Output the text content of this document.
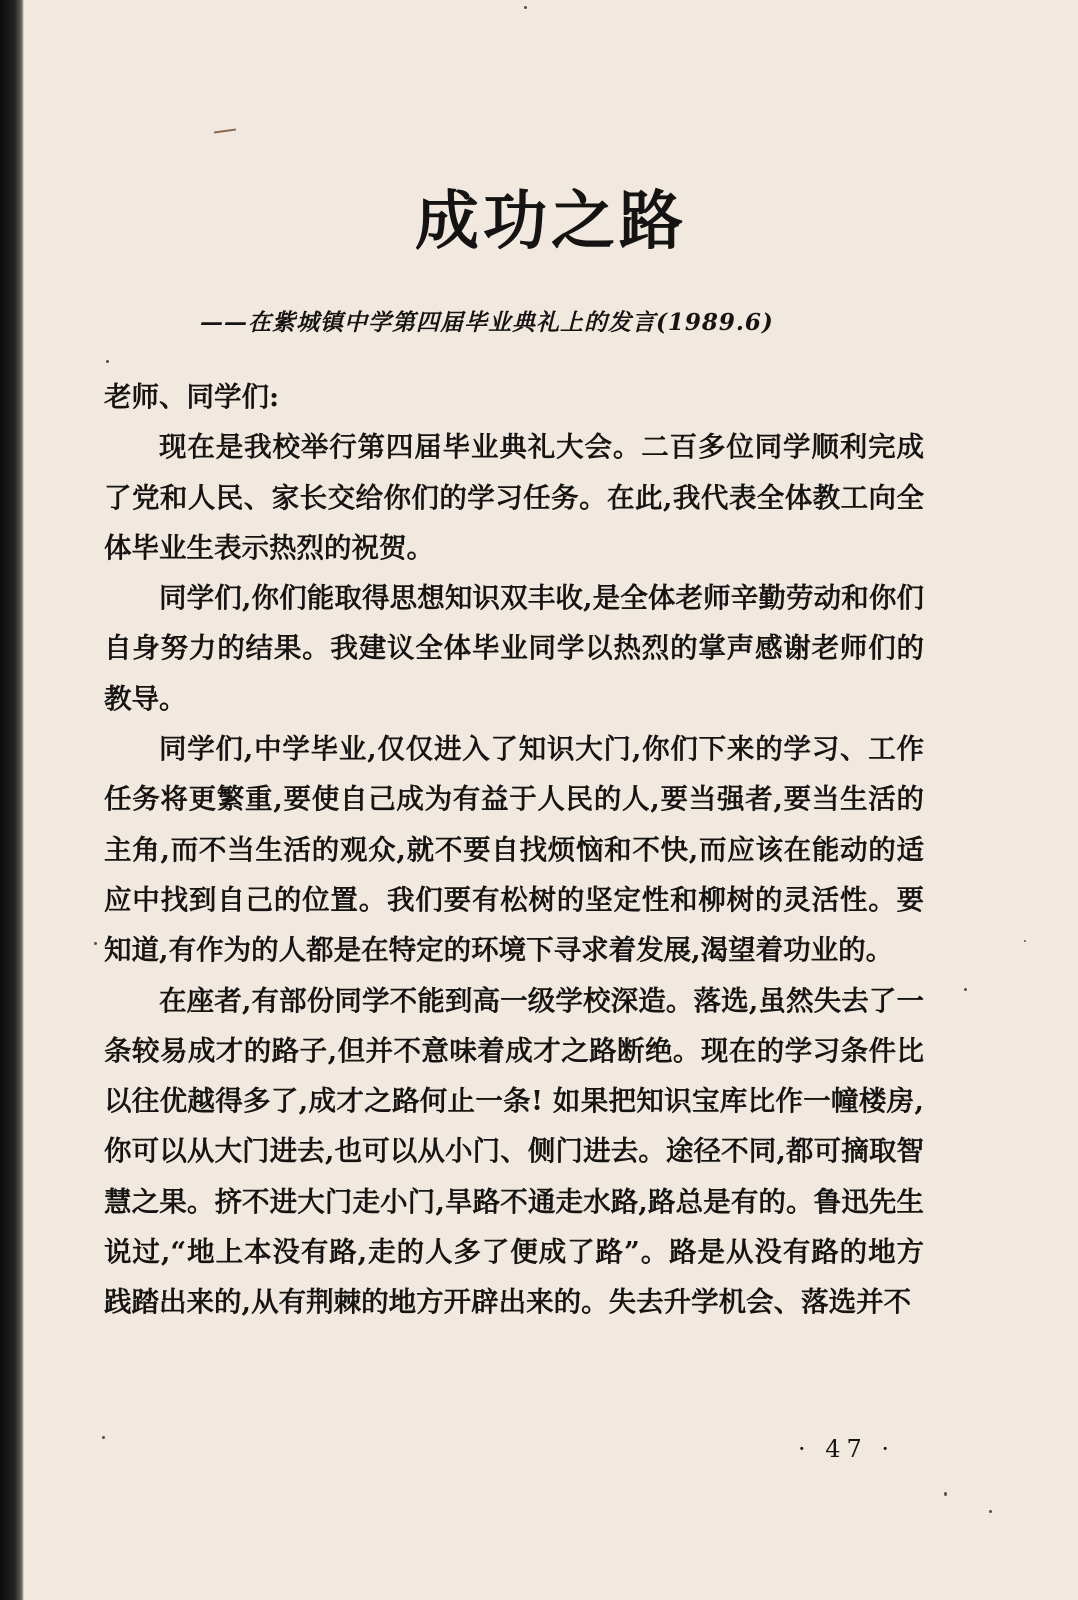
成功之路
——在紫城镇中学第四届毕业典礼上的发言(1989.6)

老师、同学们:

现在是我校举行第四届毕业典礼大会。二百多位同学顺利完成了党和人民、家长交给你们的学习任务。在此,我代表全体教工向全体毕业生表示热烈的祝贺。

同学们,你们能取得思想知识双丰收,是全体老师辛勤劳动和你们自身努力的结果。我建议全体毕业同学以热烈的掌声感谢老师们的教导。

同学们,中学毕业,仅仅进入了知识大门,你们下来的学习、工作任务将更繁重,要使自己成为有益于人民的人,要当强者,要当生活的主角,而不当生活的观众,就不要自找烦恼和不快,而应该在能动的适应中找到自己的位置。我们要有松树的坚定性和柳树的灵活性。要知道,有作为的人都是在特定的环境下寻求着发展,渴望着功业的。

在座者,有部份同学不能到高一级学校深造。落选,虽然失去了一条较易成才的路子,但并不意味着成才之路断绝。现在的学习条件比以往优越得多了,成才之路何止一条! 如果把知识宝库比作一幢楼房,你可以从大门进去,也可以从小门、侧门进去。途径不同,都可摘取智慧之果。挤不进大门走小门,旱路不通走水路,路总是有的。鲁迅先生说过,“地上本没有路,走的人多了便成了路”。路是从没有路的地方践踏出来的,从有荆棘的地方开辟出来的。失去升学机会、落选并不

· 47 ·
